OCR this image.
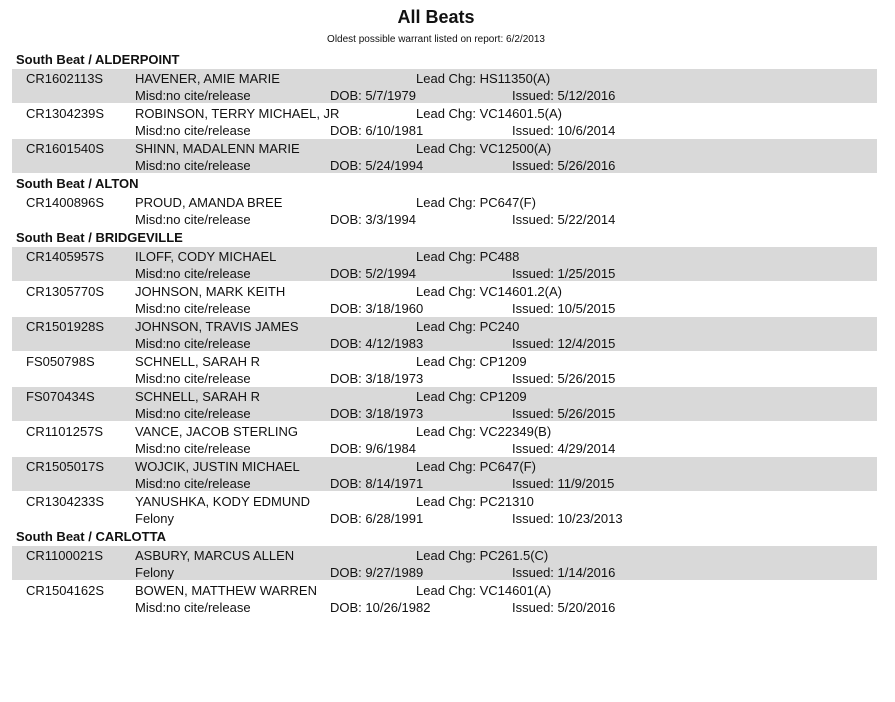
All Beats
Oldest possible warrant listed on report: 6/2/2013
South Beat / ALDERPOINT
CR1602113S HAVENER, AMIE MARIE	Lead Chg: HS11350(A)
Misd:no cite/release	DOB: 5/7/1979	Issued: 5/12/2016
CR1304239S ROBINSON, TERRY MICHAEL, JR	Lead Chg: VC14601.5(A)
Misd:no cite/release	DOB: 6/10/1981	Issued: 10/6/2014
CR1601540S SHINN, MADALENN MARIE	Lead Chg: VC12500(A)
Misd:no cite/release	DOB: 5/24/1994	Issued: 5/26/2016
South Beat / ALTON
CR1400896S PROUD, AMANDA BREE	Lead Chg: PC647(F)
Misd:no cite/release	DOB: 3/3/1994	Issued: 5/22/2014
South Beat / BRIDGEVILLE
CR1405957S ILOFF, CODY MICHAEL	Lead Chg: PC488
Misd:no cite/release	DOB: 5/2/1994	Issued: 1/25/2015
CR1305770S JOHNSON, MARK KEITH	Lead Chg: VC14601.2(A)
Misd:no cite/release	DOB: 3/18/1960	Issued: 10/5/2015
CR1501928S JOHNSON, TRAVIS JAMES	Lead Chg: PC240
Misd:no cite/release	DOB: 4/12/1983	Issued: 12/4/2015
FS050798S	SCHNELL, SARAH R	Lead Chg: CP1209
Misd:no cite/release	DOB: 3/18/1973	Issued: 5/26/2015
FS070434S	SCHNELL, SARAH R	Lead Chg: CP1209
Misd:no cite/release	DOB: 3/18/1973	Issued: 5/26/2015
CR1101257S VANCE, JACOB STERLING	Lead Chg: VC22349(B)
Misd:no cite/release	DOB: 9/6/1984	Issued: 4/29/2014
CR1505017S WOJCIK, JUSTIN MICHAEL	Lead Chg: PC647(F)
Misd:no cite/release	DOB: 8/14/1971	Issued: 11/9/2015
CR1304233S YANUSHKA, KODY EDMUND	Lead Chg: PC21310
Felony	DOB: 6/28/1991	Issued: 10/23/2013
South Beat / CARLOTTA
CR1100021S ASBURY, MARCUS ALLEN	Lead Chg: PC261.5(C)
Felony	DOB: 9/27/1989	Issued: 1/14/2016
CR1504162S BOWEN, MATTHEW WARREN	Lead Chg: VC14601(A)
Misd:no cite/release	DOB: 10/26/1982	Issued: 5/20/2016
